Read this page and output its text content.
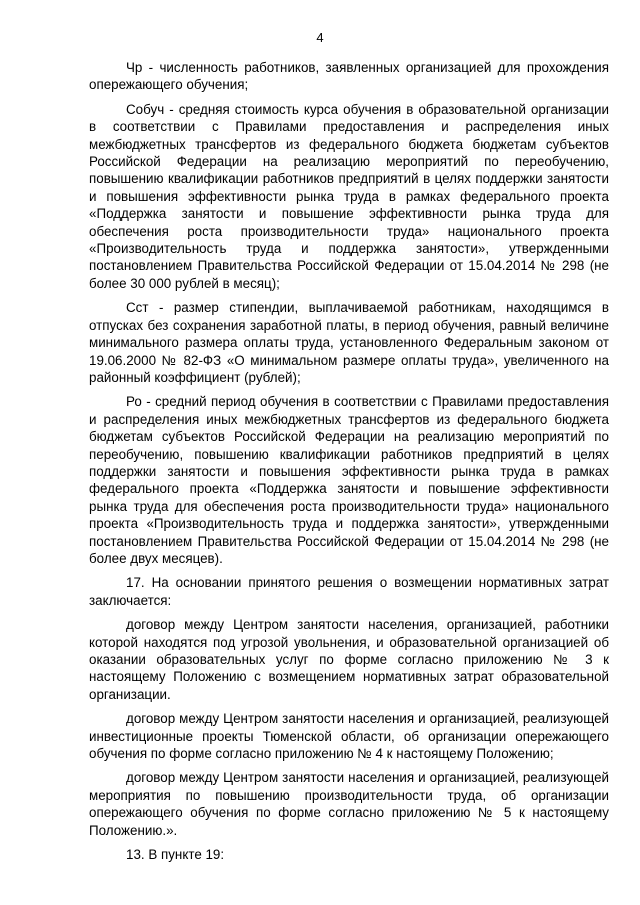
4

Чр - численность работников, заявленных организацией для прохождения опережающего обучения;

Собуч - средняя стоимость курса обучения в образовательной организации в соответствии с Правилами предоставления и распределения иных межбюджетных трансфертов из федерального бюджета бюджетам субъектов Российской Федерации на реализацию мероприятий по переобучению, повышению квалификации работников предприятий в целях поддержки занятости и повышения эффективности рынка труда в рамках федерального проекта «Поддержка занятости и повышение эффективности рынка труда для обеспечения роста производительности труда» национального проекта «Производительность труда и поддержка занятости», утвержденными постановлением Правительства Российской Федерации от 15.04.2014 № 298 (не более 30 000 рублей в месяц);

Сст - размер стипендии, выплачиваемой работникам, находящимся в отпусках без сохранения заработной платы, в период обучения, равный величине минимального размера оплаты труда, установленного Федеральным законом от 19.06.2000 № 82-ФЗ «О минимальном размере оплаты труда», увеличенного на районный коэффициент (рублей);

Ро - средний период обучения в соответствии с Правилами предоставления и распределения иных межбюджетных трансфертов из федерального бюджета бюджетам субъектов Российской Федерации на реализацию мероприятий по переобучению, повышению квалификации работников предприятий в целях поддержки занятости и повышения эффективности рынка труда в рамках федерального проекта «Поддержка занятости и повышение эффективности рынка труда для обеспечения роста производительности труда» национального проекта «Производительность труда и поддержка занятости», утвержденными постановлением Правительства Российской Федерации от 15.04.2014 № 298 (не более двух месяцев).

17. На основании принятого решения о возмещении нормативных затрат заключается:

договор между Центром занятости населения, организацией, работники которой находятся под угрозой увольнения, и образовательной организацией об оказании образовательных услуг по форме согласно приложению № 3 к настоящему Положению с возмещением нормативных затрат образовательной организации.

договор между Центром занятости населения и организацией, реализующей инвестиционные проекты Тюменской области, об организации опережающего обучения по форме согласно приложению № 4 к настоящему Положению;

договор между Центром занятости населения и организацией, реализующей мероприятия по повышению производительности труда, об организации опережающего обучения по форме согласно приложению № 5 к настоящему Положению.».

13. В пункте 19:
